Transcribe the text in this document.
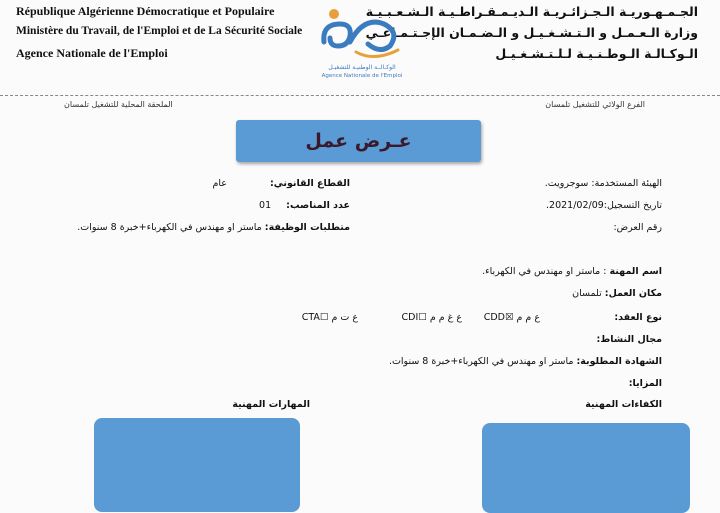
République Algérienne Démocratique et Populaire
Ministère du Travail, de l'Emploi et de La Sécurité Sociale
Agence Nationale de l'Emploi
الجـمـهـوريـة الـجـزائـريـة الـديـمـقـراطـيـة الـشـعـبـيـة
وزارة الـعـمـل و الـتـشـغـيـل و الـضـمـان الإجـتـمـاعـي
الـوكـالـة الـوطـنـيـة لـلـتـشـغـيـل
الوكـالــة الوطنيـة للتشغيـل
Agence Nationale de l'Emploi
الفرع الولائي للتشغيل تلمسان
الملحقة المحلية للتشغيل تلمسان
عـرض عمل
الهيئة المستخدمة: سوجرويت.
تاريخ التسجيل:2021/02/09.
رقم العرض:
القطاع القانوني: عام
عدد المناصب: 01
متطلبات الوظيفة: ماستر او مهندس في الكهرباء+خبرة 8 سنوات.
اسم المهنة : ماستر او مهندس في الكهرباء.
مكان العمل: تلمسان
نوع العقد:
ع م م ☒CDD
ع غ م م ☐CDI
ع ت م ☐CTA
مجال النشاط:
الشهادة المطلوبة: ماستر او مهندس في الكهرباء+خبرة 8 سنوات.
المزايا:
الكفاءات المهنية
المهارات المهنية
